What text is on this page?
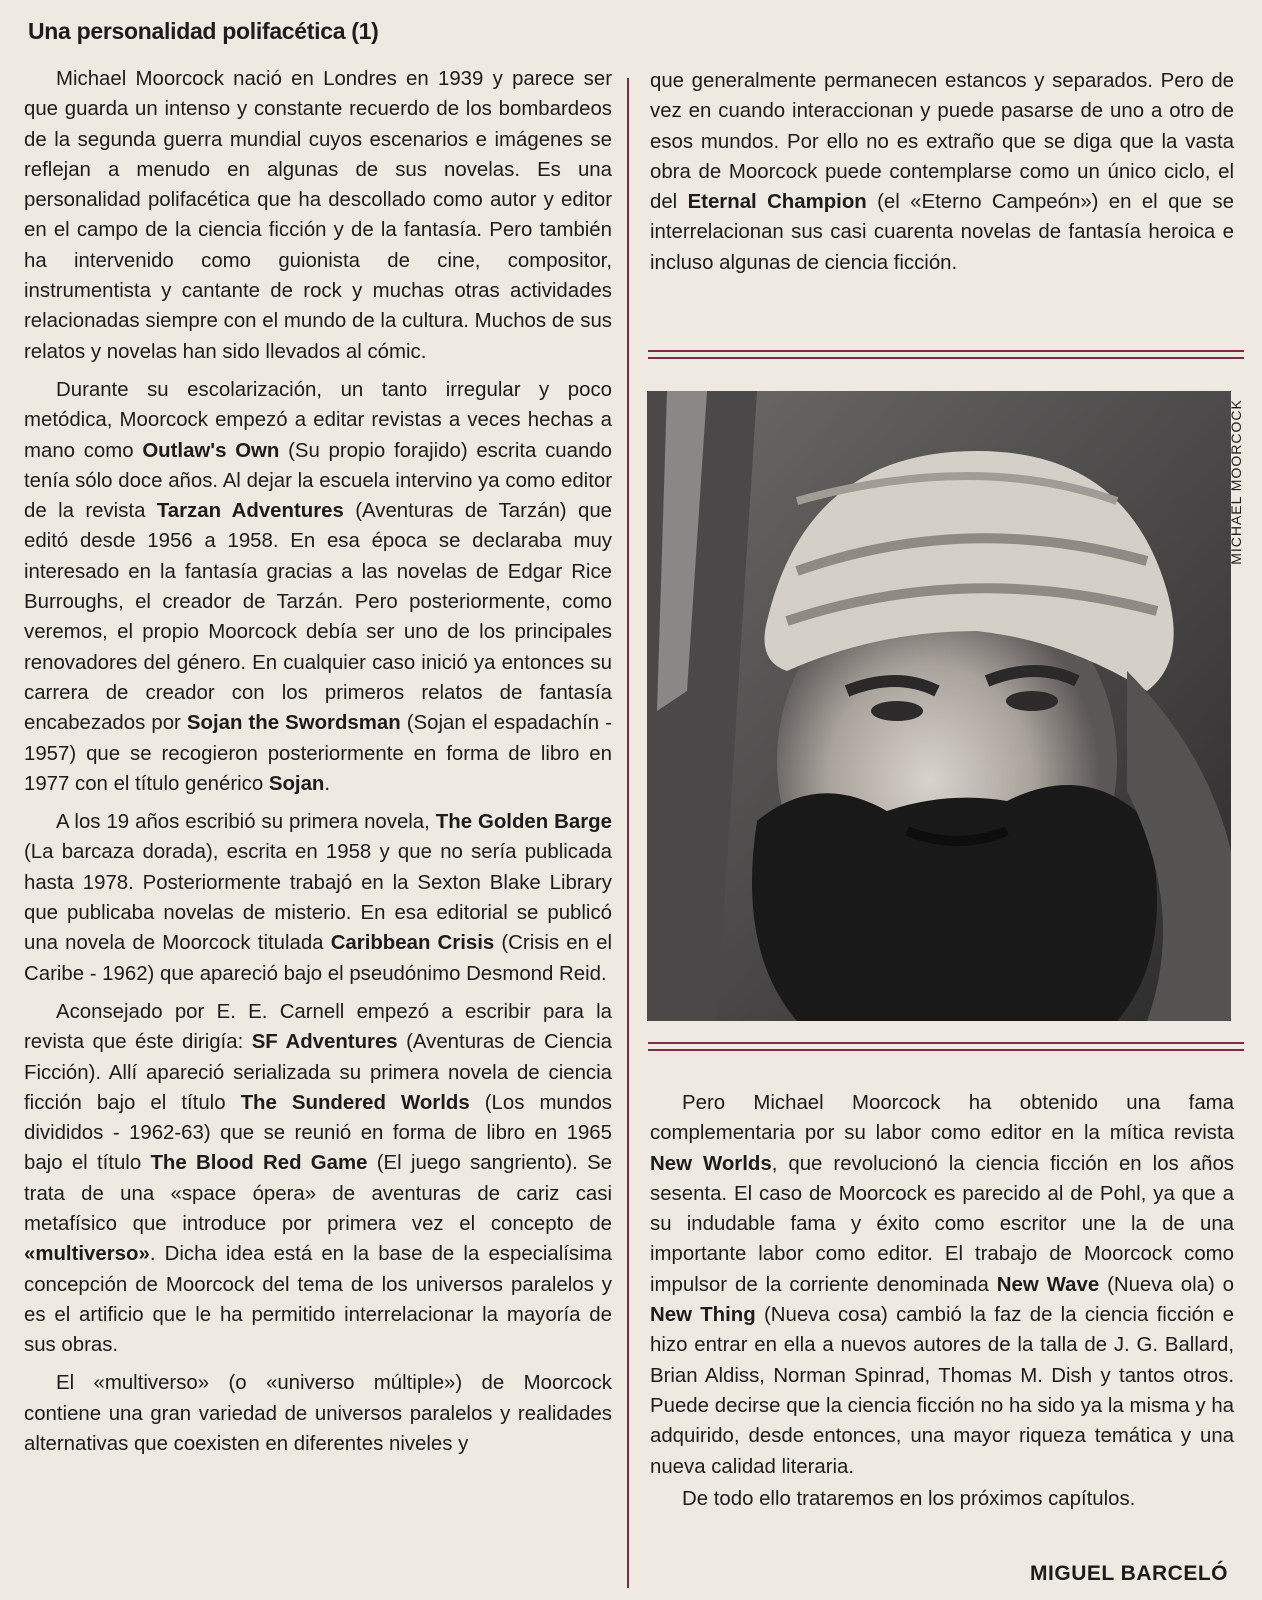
Una personalidad polifacética (1)

Michael Moorcock nació en Londres en 1939 y parece ser que guarda un intenso y constante recuerdo de los bombardeos de la segunda guerra mundial cuyos escenarios e imágenes se reflejan a menudo en algunas de sus novelas. Es una personalidad polifacética que ha descollado como autor y editor en el campo de la ciencia ficción y de la fantasía. Pero también ha intervenido como guionista de cine, compositor, instrumentista y cantante de rock y muchas otras actividades relacionadas siempre con el mundo de la cultura. Muchos de sus relatos y novelas han sido llevados al cómic.

Durante su escolarización, un tanto irregular y poco metódica, Moorcock empezó a editar revistas a veces hechas a mano como Outlaw's Own (Su propio forajido) escrita cuando tenía sólo doce años. Al dejar la escuela intervino ya como editor de la revista Tarzan Adventures (Aventuras de Tarzán) que editó desde 1956 a 1958. En esa época se declaraba muy interesado en la fantasía gracias a las novelas de Edgar Rice Burroughs, el creador de Tarzán. Pero posteriormente, como veremos, el propio Moorcock debía ser uno de los principales renovadores del género. En cualquier caso inició ya entonces su carrera de creador con los primeros relatos de fantasía encabezados por Sojan the Swordsman (Sojan el espadachín - 1957) que se recogieron posteriormente en forma de libro en 1977 con el título genérico Sojan.

A los 19 años escribió su primera novela, The Golden Barge (La barcaza dorada), escrita en 1958 y que no sería publicada hasta 1978. Posteriormente trabajó en la Sexton Blake Library que publicaba novelas de misterio. En esa editorial se publicó una novela de Moorcock titulada Caribbean Crisis (Crisis en el Caribe - 1962) que apareció bajo el pseudónimo Desmond Reid.

Aconsejado por E. E. Carnell empezó a escribir para la revista que éste dirigía: SF Adventures (Aventuras de Ciencia Ficción). Allí apareció serializada su primera novela de ciencia ficción bajo el título The Sundered Worlds (Los mundos divididos - 1962-63) que se reunió en forma de libro en 1965 bajo el título The Blood Red Game (El juego sangriento). Se trata de una «space ópera» de aventuras de cariz casi metafísico que introduce por primera vez el concepto de «multiverso». Dicha idea está en la base de la especialísima concepción de Moorcock del tema de los universos paralelos y es el artificio que le ha permitido interrelacionar la mayoría de sus obras.

El «multiverso» (o «universo múltiple») de Moorcock contiene una gran variedad de universos paralelos y realidades alternativas que coexisten en diferentes niveles y

que generalmente permanecen estancos y separados. Pero de vez en cuando interaccionan y puede pasarse de uno a otro de esos mundos. Por ello no es extraño que se diga que la vasta obra de Moorcock puede contemplarse como un único ciclo, el del Eternal Champion (el «Eterno Campeón») en el que se interrelacionan sus casi cuarenta novelas de fantasía heroica e incluso algunas de ciencia ficción.

MICHAEL MOORCOCK

Pero Michael Moorcock ha obtenido una fama complementaria por su labor como editor en la mítica revista New Worlds, que revolucionó la ciencia ficción en los años sesenta. El caso de Moorcock es parecido al de Pohl, ya que a su indudable fama y éxito como escritor une la de una importante labor como editor. El trabajo de Moorcock como impulsor de la corriente denominada New Wave (Nueva ola) o New Thing (Nueva cosa) cambió la faz de la ciencia ficción e hizo entrar en ella a nuevos autores de la talla de J. G. Ballard, Brian Aldiss, Norman Spinrad, Thomas M. Dish y tantos otros. Puede decirse que la ciencia ficción no ha sido ya la misma y ha adquirido, desde entonces, una mayor riqueza temática y una nueva calidad literaria.

De todo ello trataremos en los próximos capítulos.

MIGUEL BARCELÓ
